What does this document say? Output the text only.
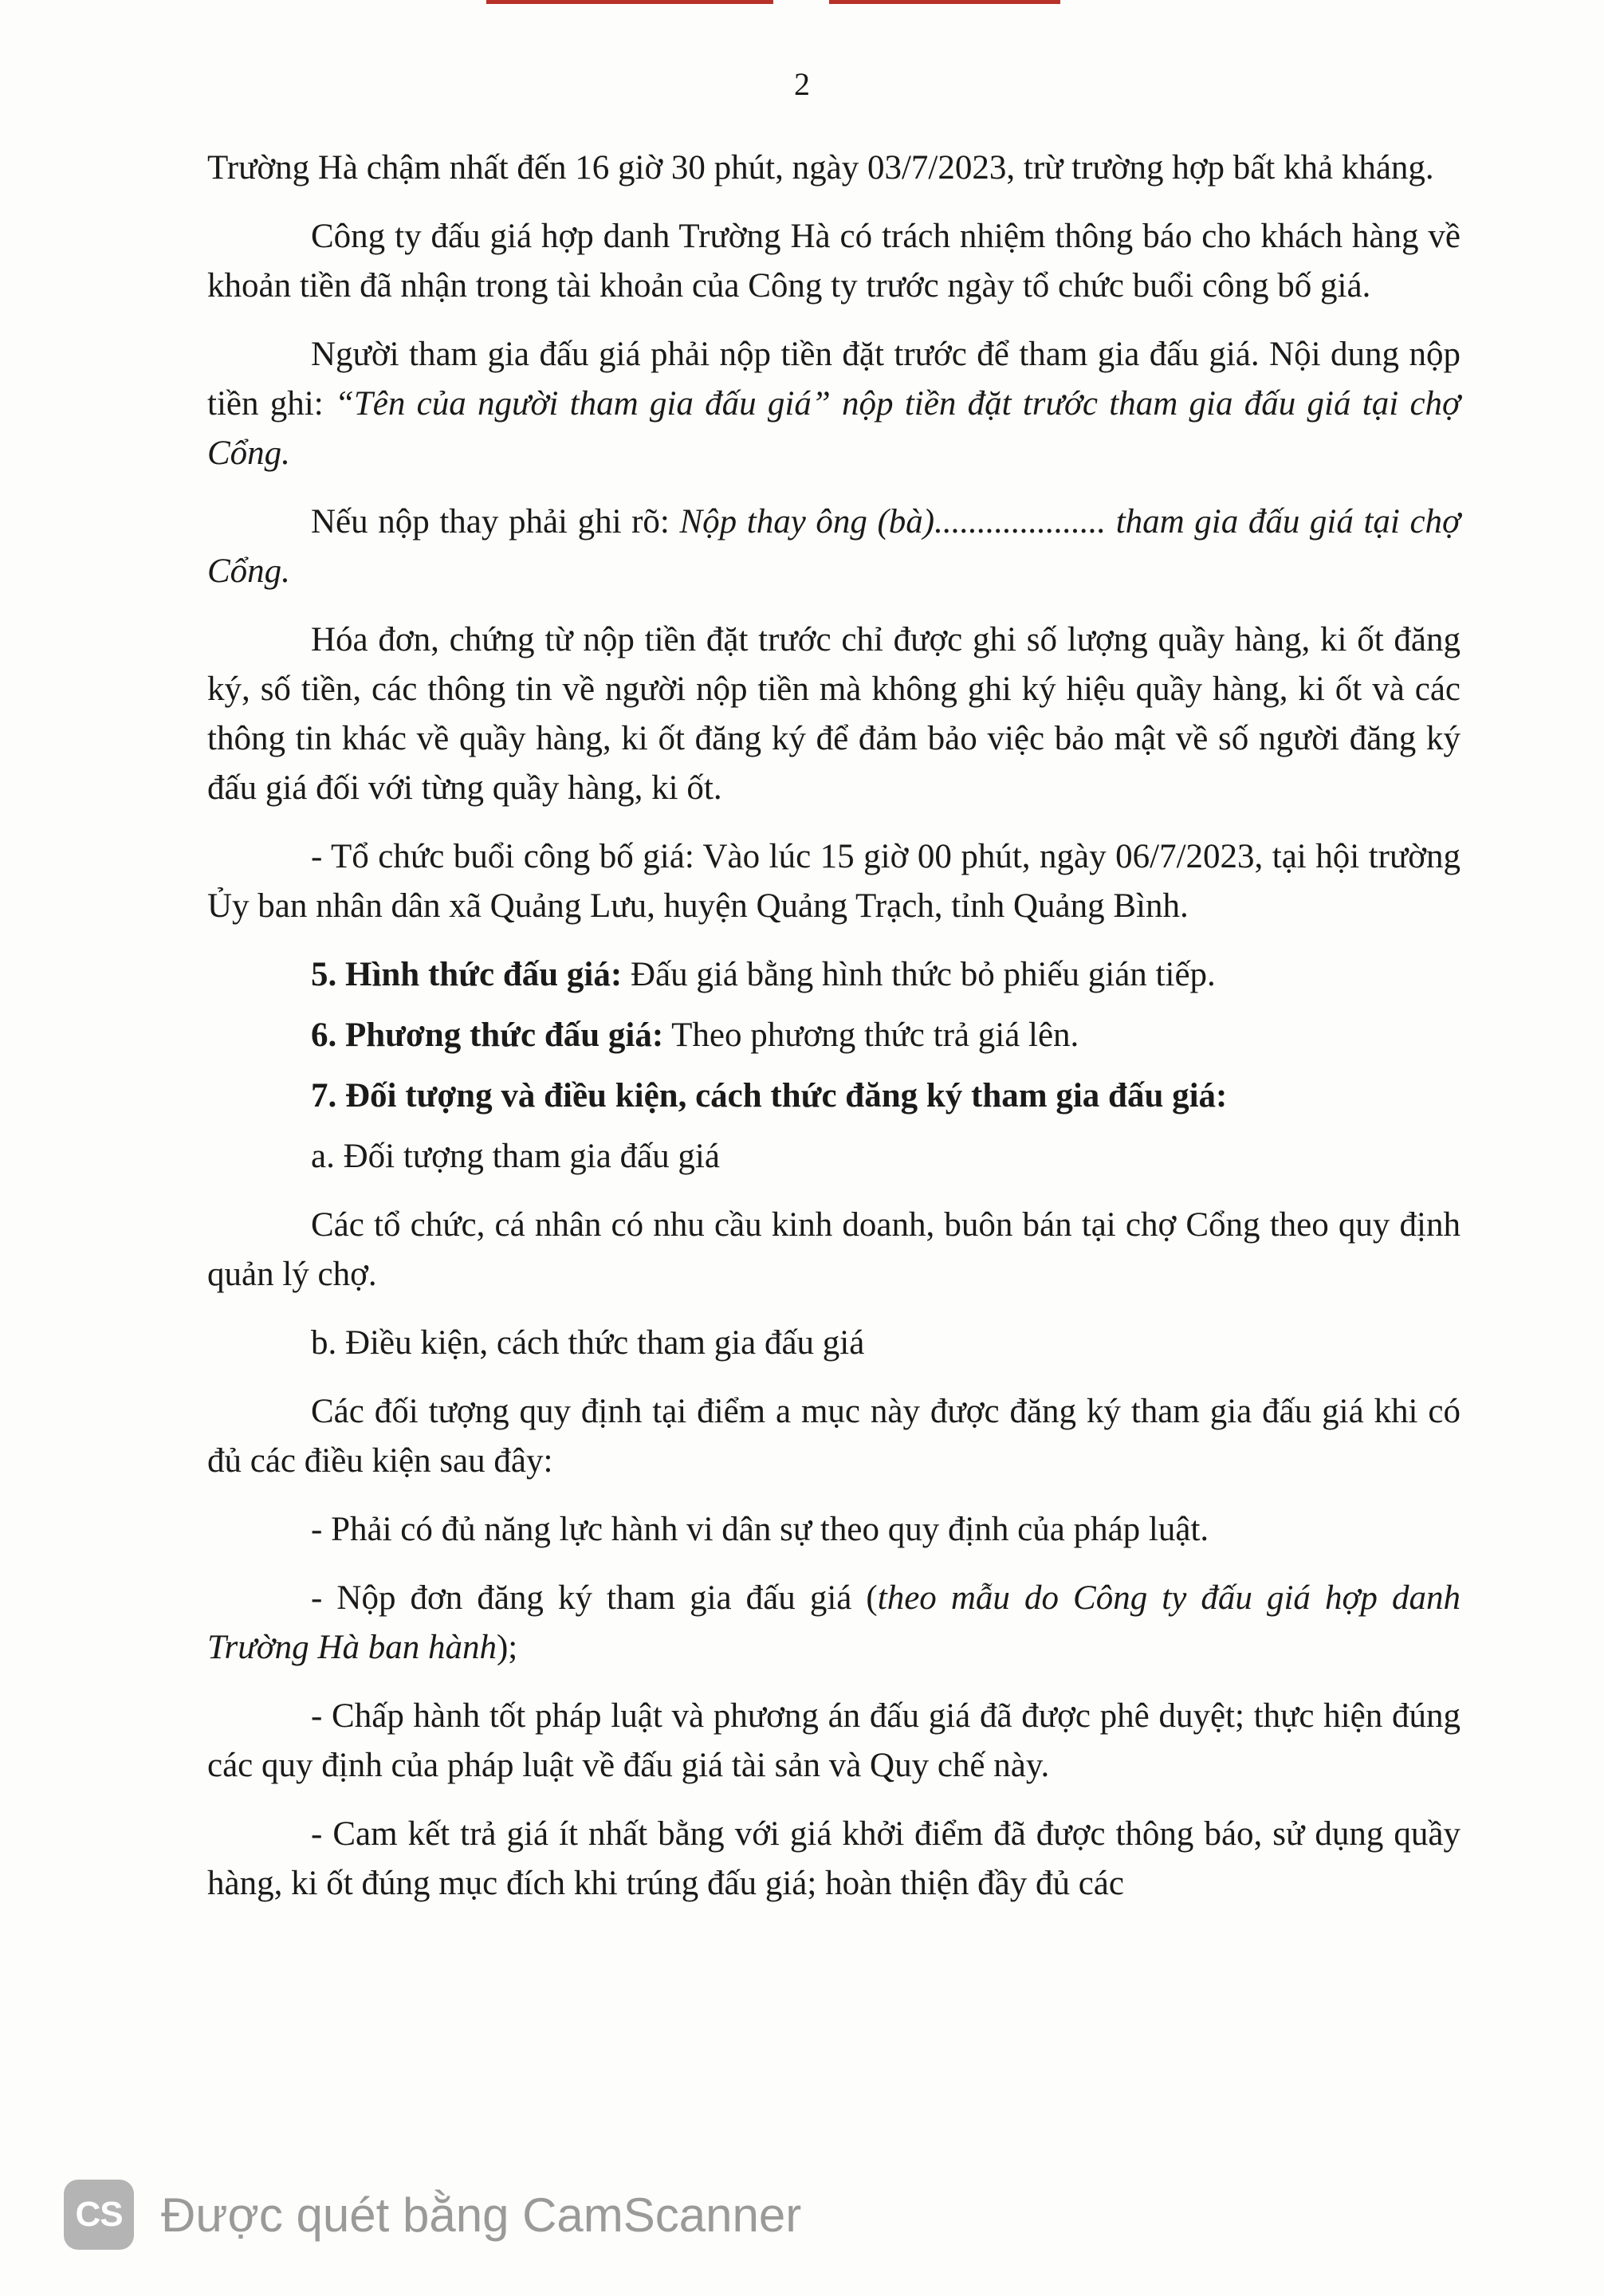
2

Trường Hà chậm nhất đến 16 giờ 30 phút, ngày 03/7/2023, trừ trường hợp bất khả kháng.

Công ty đấu giá hợp danh Trường Hà có trách nhiệm thông báo cho khách hàng về khoản tiền đã nhận trong tài khoản của Công ty trước ngày tổ chức buổi công bố giá.

Người tham gia đấu giá phải nộp tiền đặt trước để tham gia đấu giá. Nội dung nộp tiền ghi: “Tên của người tham gia đấu giá” nộp tiền đặt trước tham gia đấu giá tại chợ Cổng.

Nếu nộp thay phải ghi rõ: Nộp thay ông (bà).................... tham gia đấu giá tại chợ Cổng.

Hóa đơn, chứng từ nộp tiền đặt trước chỉ được ghi số lượng quầy hàng, ki ốt đăng ký, số tiền, các thông tin về người nộp tiền mà không ghi ký hiệu quầy hàng, ki ốt và các thông tin khác về quầy hàng, ki ốt đăng ký để đảm bảo việc bảo mật về số người đăng ký đấu giá đối với từng quầy hàng, ki ốt.

- Tổ chức buổi công bố giá: Vào lúc 15 giờ 00 phút, ngày 06/7/2023, tại hội trường Ủy ban nhân dân xã Quảng Lưu, huyện Quảng Trạch, tỉnh Quảng Bình.

5. Hình thức đấu giá: Đấu giá bằng hình thức bỏ phiếu gián tiếp.

6. Phương thức đấu giá: Theo phương thức trả giá lên.

7. Đối tượng và điều kiện, cách thức đăng ký tham gia đấu giá:

a. Đối tượng tham gia đấu giá

Các tổ chức, cá nhân có nhu cầu kinh doanh, buôn bán tại chợ Cổng theo quy định quản lý chợ.

b. Điều kiện, cách thức tham gia đấu giá

Các đối tượng quy định tại điểm a mục này được đăng ký tham gia đấu giá khi có đủ các điều kiện sau đây:

- Phải có đủ năng lực hành vi dân sự theo quy định của pháp luật.

- Nộp đơn đăng ký tham gia đấu giá (theo mẫu do Công ty đấu giá hợp danh Trường Hà ban hành);

- Chấp hành tốt pháp luật và phương án đấu giá đã được phê duyệt; thực hiện đúng các quy định của pháp luật về đấu giá tài sản và Quy chế này.

- Cam kết trả giá ít nhất bằng với giá khởi điểm đã được thông báo, sử dụng quầy hàng, ki ốt đúng mục đích khi trúng đấu giá; hoàn thiện đầy đủ các

CS Được quét bằng CamScanner
